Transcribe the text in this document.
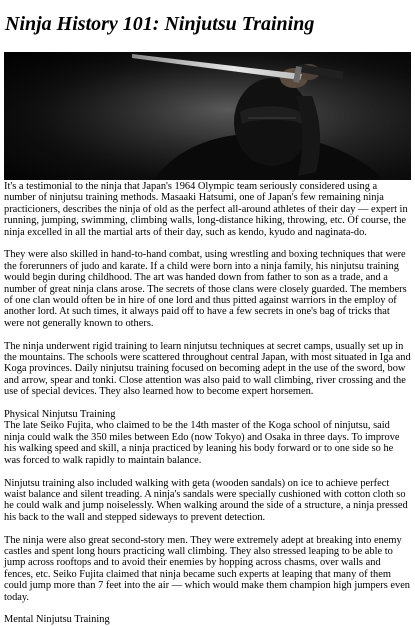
Ninja History 101: Ninjutsu Training

It's a testimonial to the ninja that Japan's 1964 Olympic team seriously considered using a number of ninjutsu training methods. Masaaki Hatsumi, one of Japan's few remaining ninja practicioners, describes the ninja of old as the perfect all-around athletes of their day — expert in running, jumping, swimming, climbing walls, long-distance hiking, throwing, etc. Of course, the ninja excelled in all the martial arts of their day, such as kendo, kyudo and naginata-do.

They were also skilled in hand-to-hand combat, using wrestling and boxing techniques that were the forerunners of judo and karate. If a child were born into a ninja family, his ninjutsu training would begin during childhood. The art was handed down from father to son as a trade, and a number of great ninja clans arose. The secrets of those clans were closely guarded. The members of one clan would often be in hire of one lord and thus pitted against warriors in the employ of another lord. At such times, it always paid off to have a few secrets in one's bag of tricks that were not generally known to others.

The ninja underwent rigid training to learn ninjutsu techniques at secret camps, usually set up in the mountains. The schools were scattered throughout central Japan, with most situated in Iga and Koga provinces. Daily ninjutsu training focused on becoming adept in the use of the sword, bow and arrow, spear and tonki. Close attention was also paid to wall climbing, river crossing and the use of special devices. They also learned how to become expert horsemen.

Physical Ninjutsu Training

The late Seiko Fujita, who claimed to be the 14th master of the Koga school of ninjutsu, said ninja could walk the 350 miles between Edo (now Tokyo) and Osaka in three days. To improve his walking speed and skill, a ninja practiced by leaning his body forward or to one side so he was forced to walk rapidly to maintain balance.

Ninjutsu training also included walking with geta (wooden sandals) on ice to achieve perfect waist balance and silent treading. A ninja's sandals were specially cushioned with cotton cloth so he could walk and jump noiselessly. When walking around the side of a structure, a ninja pressed his back to the wall and stepped sideways to prevent detection.

The ninja were also great second-story men. They were extremely adept at breaking into enemy castles and spent long hours practicing wall climbing. They also stressed leaping to be able to jump across rooftops and to avoid their enemies by hopping across chasms, over walls and fences, etc. Seiko Fujita claimed that ninja became such experts at leaping that many of them could jump more than 7 feet into the air — which would make them champion high jumpers even today.

Mental Ninjutsu Training
